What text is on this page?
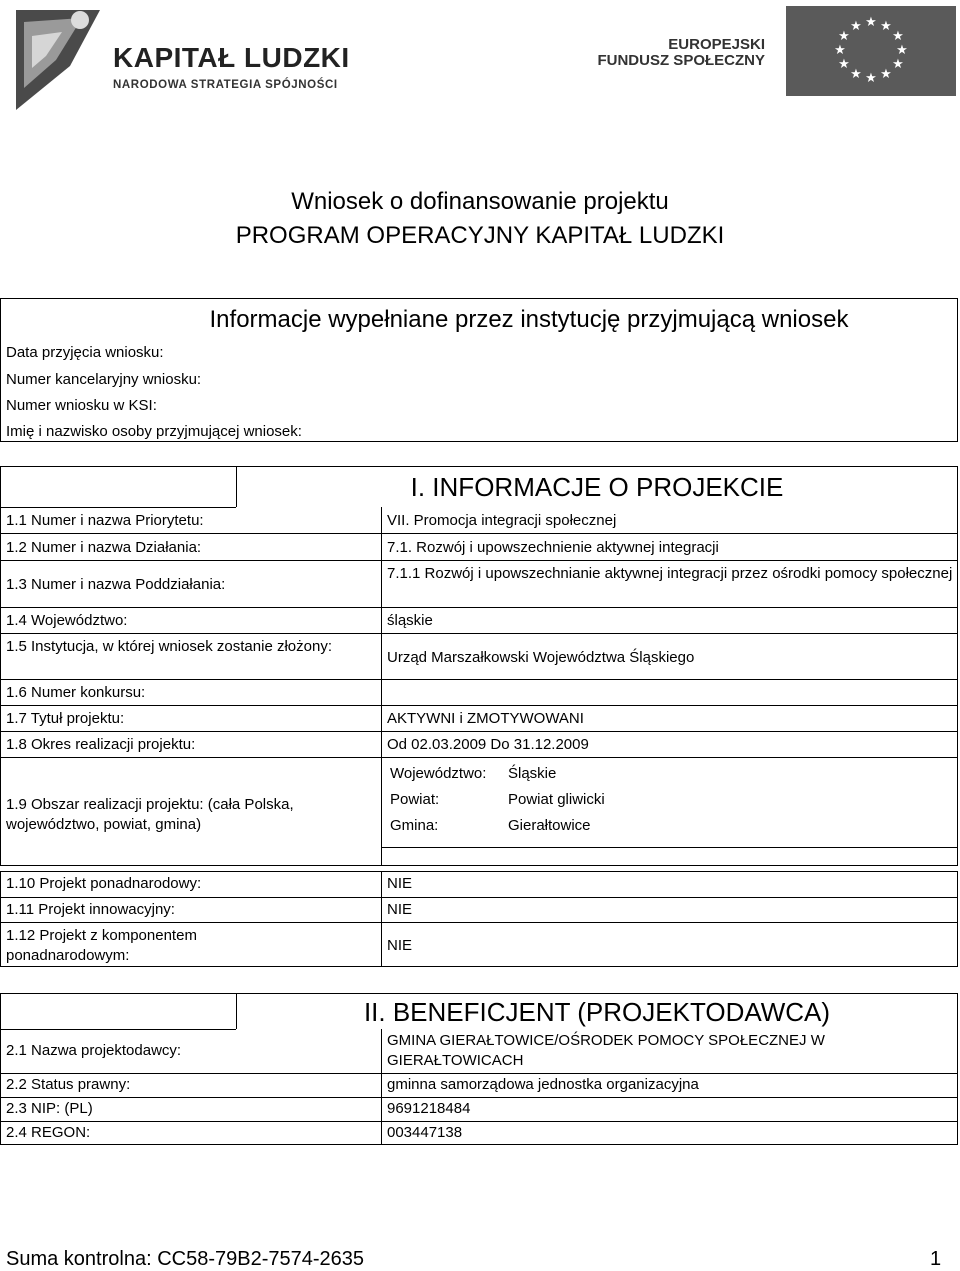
KAPITAŁ LUDZKI
NARODOWA STRATEGIA SPÓJNOŚCI
EUROPEJSKI
FUNDUSZ SPOŁECZNY
★ ★
★
★
★
★
★
★
★
★
★
★
Wniosek o dofinansowanie projektu
PROGRAM OPERACYJNY KAPITAŁ LUDZKI
Informacje wypełniane przez instytucję przyjmującą wniosek
Data przyjęcia wniosku:
Numer kancelaryjny wniosku:
Numer wniosku w KSI:
Imię i nazwisko osoby przyjmującej wniosek:
I. INFORMACJE O PROJEKCIE
1.1 Numer i nazwa Priorytetu:	VII. Promocja integracji społecznej
1.2 Numer i nazwa Działania:	7.1. Rozwój i upowszechnienie aktywnej integracji
1.3 Numer i nazwa Poddziałania:
7.1.1 Rozwój i upowszechnianie aktywnej integracji przez ośrodki pomocy społecznej
1.4 Województwo:	śląskie
1.5 Instytucja, w której wniosek zostanie złożony:
Urząd Marszałkowski Województwa Śląskiego
1.6 Numer konkursu:
1.7 Tytuł projektu:	AKTYWNI i ZMOTYWOWANI
1.8 Okres realizacji projektu:	Od 02.03.2009 Do 31.12.2009
1.9 Obszar realizacji projektu: (cała Polska, województwo, powiat, gmina)
Województwo: Śląskie
Powiat:	Powiat gliwicki
Gmina:	Gierałtowice
1.10 Projekt ponadnarodowy:	NIE
1.11 Projekt innowacyjny:	NIE
1.12 Projekt z komponentem ponadnarodowym:
NIE
II. BENEFICJENT (PROJEKTODAWCA)
2.1 Nazwa projektodawcy:
GMINA GIERAŁTOWICE/OŚRODEK POMOCY SPOŁECZNEJ W GIERAŁTOWICACH
2.2 Status prawny:	gminna samorządowa jednostka organizacyjna
2.3 NIP: (PL)	9691218484
2.4 REGON:	003447138
Suma kontrolna: CC58-79B2-7574-2635	1
